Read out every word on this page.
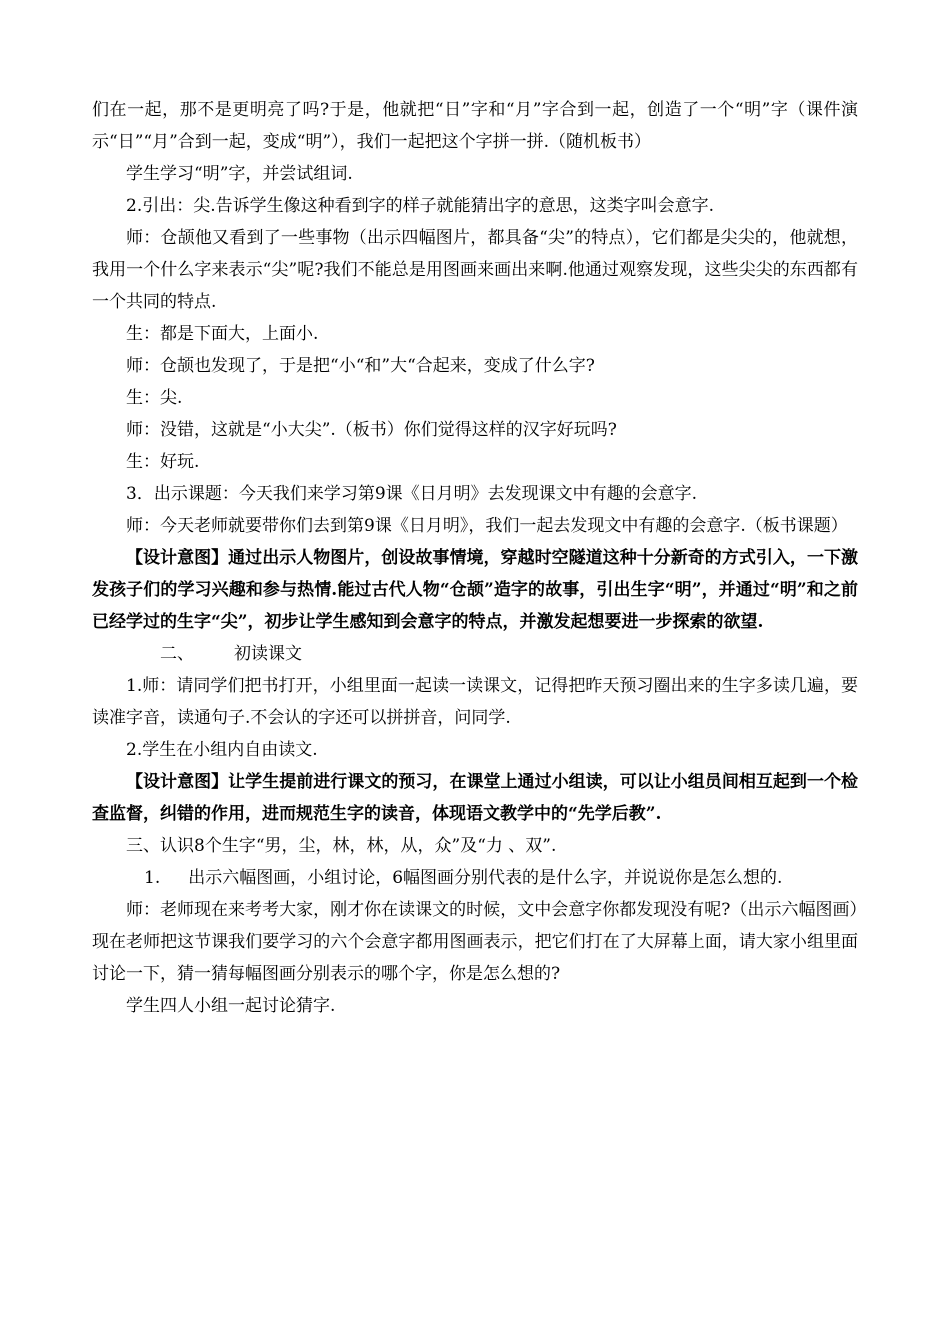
们在一起，那不是更明亮了吗?于是，他就把“日”字和“月”字合到一起，创造了一个“明”字（课件演示“日”“月”合到一起，变成“明”），我们一起把这个字拼一拼.（随机板书）

学生学习“明”字，并尝试组词.

2.引出：尖.告诉学生像这种看到字的样子就能猜出字的意思，这类字叫会意字.

师：仓颉他又看到了一些事物（出示四幅图片，都具备“尖”的特点），它们都是尖尖的，他就想，我用一个什么字来表示“尖”呢?我们不能总是用图画来画出来啊.他通过观察发现，这些尖尖的东西都有一个共同的特点.

生：都是下面大，上面小.

师：仓颉也发现了，于是把“小“和”大“合起来，变成了什么字?

生：尖.

师：没错，这就是“小大尖”.（板书）你们觉得这样的汉字好玩吗?

生：好玩.

3．出示课题：今天我们来学习第9课《日月明》去发现课文中有趣的会意字.

师：今天老师就要带你们去到第9课《日月明》，我们一起去发现文中有趣的会意字.（板书课题）

【设计意图】通过出示人物图片，创设故事情境，穿越时空隧道这种十分新奇的方式引入，一下激发孩子们的学习兴趣和参与热情.能过古代人物“仓颉”造字的故事，引出生字“明”，并通过“明”和之前已经学过的生字“尖”，初步让学生感知到会意字的特点，并激发起想要进一步探索的欲望.

二、 初读课文

1.师：请同学们把书打开，小组里面一起读一读课文，记得把昨天预习圈出来的生字多读几遍，要读准字音，读通句子.不会认的字还可以拼拼音，问同学.

2.学生在小组内自由读文.

【设计意图】让学生提前进行课文的预习，在课堂上通过小组读，可以让小组员间相互起到一个检查监督，纠错的作用，进而规范生字的读音，体现语文教学中的“先学后教”.

三、认识8个生字“男，尘，林，林，从，众”及“力 、双”.

1. 出示六幅图画，小组讨论，6幅图画分别代表的是什么字，并说说你是怎么想的.

师：老师现在来考考大家，刚才你在读课文的时候，文中会意字你都发现没有呢?（出示六幅图画）现在老师把这节课我们要学习的六个会意字都用图画表示，把它们打在了大屏幕上面，请大家小组里面讨论一下，猜一猜每幅图画分别表示的哪个字，你是怎么想的?

学生四人小组一起讨论猜字.
